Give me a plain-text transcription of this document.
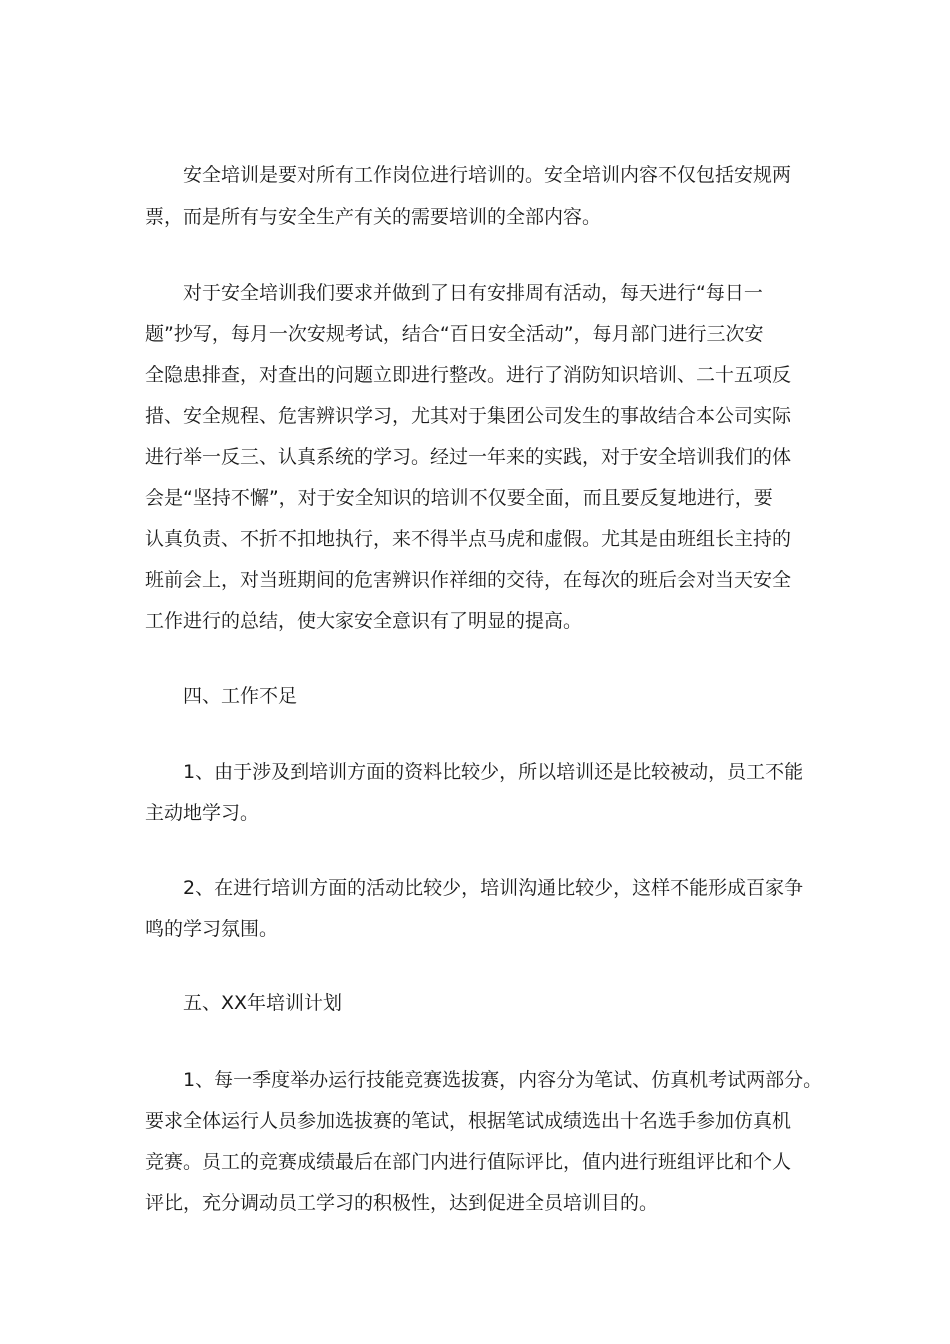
安全培训是要对所有工作岗位进行培训的。安全培训内容不仅包括安规两
票，而是所有与安全生产有关的需要培训的全部内容。
对于安全培训我们要求并做到了日有安排周有活动，每天进行“每日一
题”抄写，每月一次安规考试，结合“百日安全活动”，每月部门进行三次安
全隐患排查，对查出的问题立即进行整改。进行了消防知识培训、二十五项反
措、安全规程、危害辨识学习，尤其对于集团公司发生的事故结合本公司实际
进行举一反三、认真系统的学习。经过一年来的实践，对于安全培训我们的体
会是“坚持不懈”，对于安全知识的培训不仅要全面，而且要反复地进行，要
认真负责、不折不扣地执行，来不得半点马虎和虚假。尤其是由班组长主持的
班前会上，对当班期间的危害辨识作祥细的交待，在每次的班后会对当天安全
工作进行的总结，使大家安全意识有了明显的提高。
四、工作不足
1、由于涉及到培训方面的资料比较少，所以培训还是比较被动，员工不能
主动地学习。
2、在进行培训方面的活动比较少，培训沟通比较少，这样不能形成百家争
鸣的学习氛围。
五、XX年培训计划
1、每一季度举办运行技能竞赛选拔赛，内容分为笔试、仿真机考试两部分。
要求全体运行人员参加选拔赛的笔试，根据笔试成绩选出十名选手参加仿真机
竞赛。员工的竞赛成绩最后在部门内进行值际评比，值内进行班组评比和个人
评比，充分调动员工学习的积极性，达到促进全员培训目的。
